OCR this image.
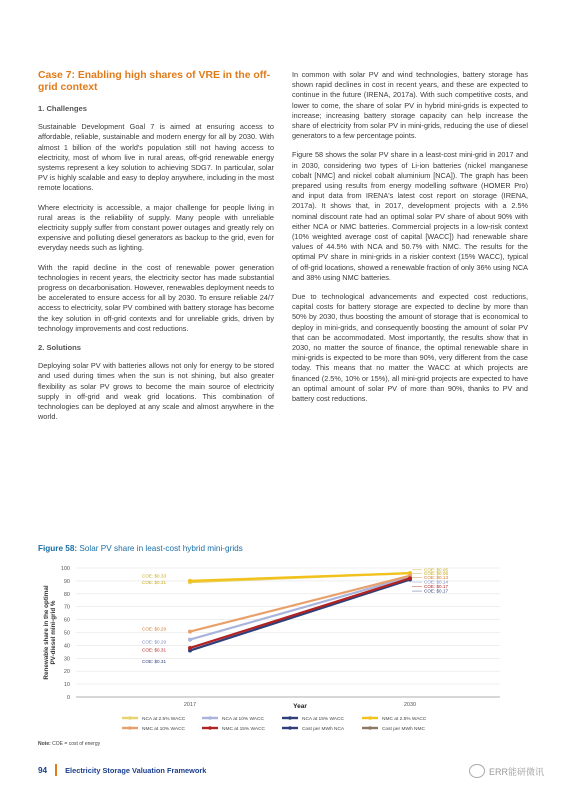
Case 7: Enabling high shares of VRE in the off-grid context
1. Challenges

Sustainable Development Goal 7 is aimed at ensuring access to affordable, reliable, sustainable and modern energy for all by 2030. With almost 1 billion of the world's population still not having access to electricity, most of whom live in rural areas, off-grid renewable energy systems represent a key solution to achieving SDG7. In particular, solar PV is highly scalable and easy to deploy anywhere, including in the most remote locations.

Where electricity is accessible, a major challenge for people living in rural areas is the reliability of supply. Many people with unreliable electricity supply suffer from constant power outages and greatly rely on expensive and polluting diesel generators as backup to the grid, even for everyday needs such as lighting.

With the rapid decline in the cost of renewable power generation technologies in recent years, the electricity sector has made substantial progress on decarbonisation. However, renewables deployment needs to be accelerated to ensure access for all by 2030. To ensure reliable 24/7 access to electricity, solar PV combined with battery storage has become the key solution in off-grid contexts and for unreliable grids, driven by technology improvements and cost reductions.

2. Solutions

Deploying solar PV with batteries allows not only for energy to be stored and used during times when the sun is not shining, but also greater flexibility as solar PV grows to become the main source of electricity supply in off-grid and weak grid locations. This combination of technologies can be deployed at any scale and almost anywhere in the world.

In common with solar PV and wind technologies, battery storage has shown rapid declines in cost in recent years, and these are expected to continue in the future (IRENA, 2017a). With such competitive costs, and lower to come, the share of solar PV in hybrid mini-grids is expected to increase; increasing battery storage capacity can help increase the share of electricity from solar PV in mini-grids, reducing the use of diesel generators to a few percentage points.

Figure 58 shows the solar PV share in a least-cost mini-grid in 2017 and in 2030, considering two types of Li-ion batteries (nickel manganese cobalt [NMC] and nickel cobalt aluminium [NCA]). The graph has been prepared using results from energy modelling software (HOMER Pro) and input data from IRENA's latest cost report on storage (IRENA, 2017a). It shows that, in 2017, development projects with a 2.5% nominal discount rate had an optimal solar PV share of about 90% with either NCA or NMC batteries. Commercial projects in a low-risk context (10% weighted average cost of capital [WACC]) had renewable share values of 44.5% with NCA and 50.7% with NMC. The results for the optimal PV share in mini-grids in a riskier context (15% WACC), typical of off-grid locations, showed a renewable fraction of only 36% using NCA and 38% using NMC batteries.

Due to technological advancements and expected cost reductions, capital costs for battery storage are expected to decline by more than 50% by 2030, thus boosting the amount of storage that is economical to deploy in mini-grids, and consequently boosting the amount of solar PV that can be accommodated. Most importantly, the results show that in 2030, no matter the source of finance, the optimal renewable share in mini-grids is expected to be more than 90%, very different from the case today. This means that no matter the WACC at which projects are financed (2.5%, 10% or 15%), all mini-grid projects are expected to have an optimal amount of solar PV of more than 90%, thanks to PV and battery cost reductions.

Figure 58: Solar PV share in least-cost hybrid mini-grids
0
10
20
30
40
50
60
70
80
90
100
Renewable share in the optimalPV-diesel mini-grid %
2017	2030
Year
COE: $0.33
COE: $0.31
COE: $0.29
COE: $0.29
COE: $0.31
COE: $0.31
COE: $0.05
COE: $0.06
COE: $0.13
COE: $0.14
COE: $0.17
COE: $0.17
NCA at 2.5% WACC	NCA at 10% WACC	NCA at 15% WACC	NMC at 2.5% WACC
NMC at 10% WACC	NMC at 15% WACC	Cost per MWh NCA	Cost per MWh NMC
Note: COE = cost of energy
94 Electricity Storage Valuation Framework	ERR能研微讯
